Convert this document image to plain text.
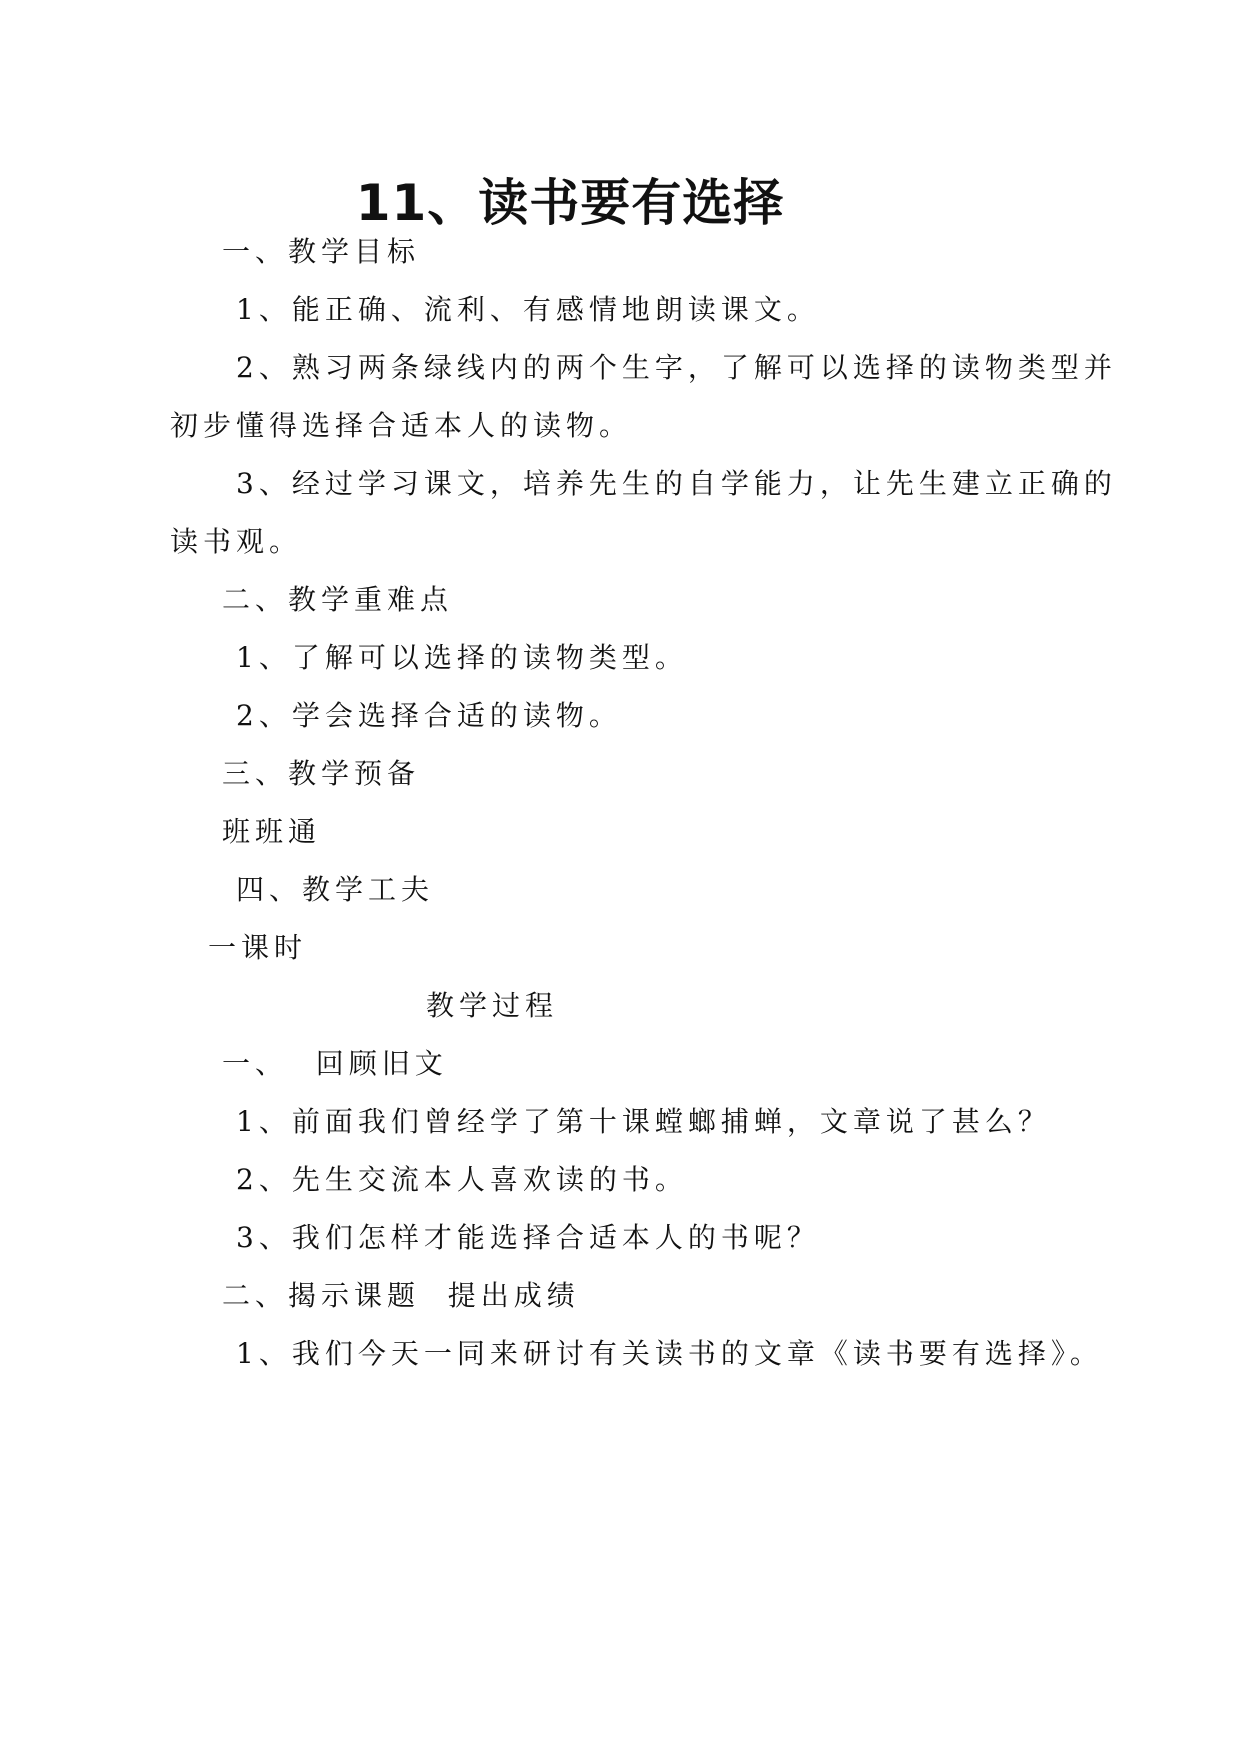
11、读书要有选择
一、教学目标
1、能正确、流利、有感情地朗读课文。
2、熟习两条绿线内的两个生字，了解可以选择的读物类型并
初步懂得选择合适本人的读物。
3、经过学习课文，培养先生的自学能力，让先生建立正确的
读书观。
二、教学重难点
1、了解可以选择的读物类型。
2、学会选择合适的读物。
三、教学预备
班班通
四、教学工夫
一课时
教学过程
一、  回顾旧文
1、前面我们曾经学了第十课螳螂捕蝉，文章说了甚么？
2、先生交流本人喜欢读的书。
3、我们怎样才能选择合适本人的书呢？
二、揭示课题  提出成绩
1、我们今天一同来研讨有关读书的文章《读书要有选择》。
